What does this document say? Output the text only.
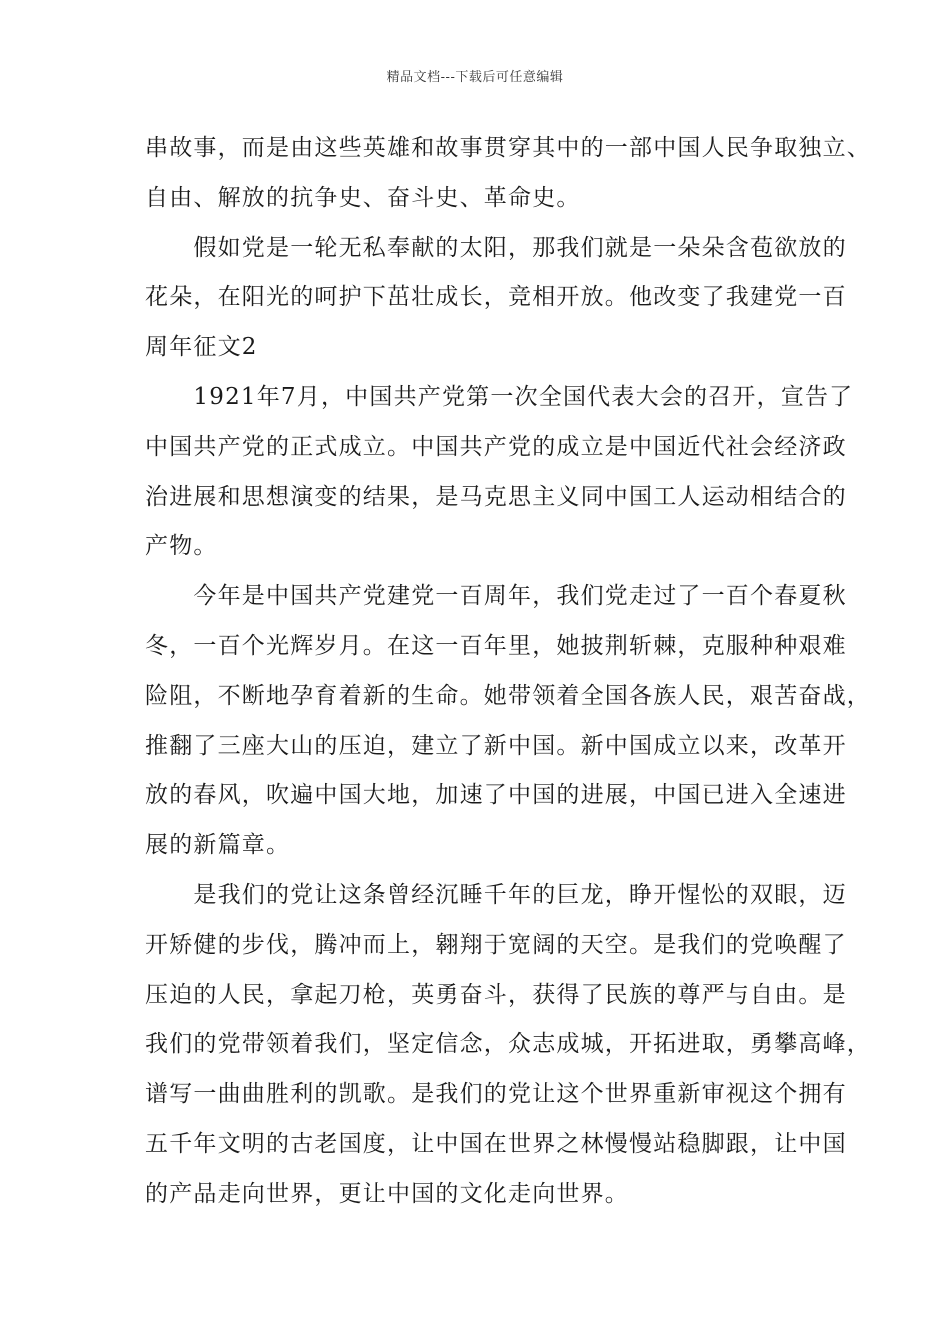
精品文档---下载后可任意编辑
串故事，而是由这些英雄和故事贯穿其中的一部中国人民争取独立、
自由、解放的抗争史、奋斗史、革命史。
　　假如党是一轮无私奉献的太阳，那我们就是一朵朵含苞欲放的
花朵，在阳光的呵护下茁壮成长，竞相开放。他改变了我建党一百
周年征文2
　　1921年7月，中国共产党第一次全国代表大会的召开，宣告了
中国共产党的正式成立。中国共产党的成立是中国近代社会经济政
治进展和思想演变的结果，是马克思主义同中国工人运动相结合的
产物。
　　今年是中国共产党建党一百周年，我们党走过了一百个春夏秋
冬，一百个光辉岁月。在这一百年里，她披荆斩棘，克服种种艰难
险阻，不断地孕育着新的生命。她带领着全国各族人民，艰苦奋战，
推翻了三座大山的压迫，建立了新中国。新中国成立以来，改革开
放的春风，吹遍中国大地，加速了中国的进展，中国已进入全速进
展的新篇章。
　　是我们的党让这条曾经沉睡千年的巨龙，睁开惺忪的双眼，迈
开矫健的步伐，腾冲而上，翱翔于宽阔的天空。是我们的党唤醒了
压迫的人民，拿起刀枪，英勇奋斗，获得了民族的尊严与自由。是
我们的党带领着我们，坚定信念，众志成城，开拓进取，勇攀高峰，
谱写一曲曲胜利的凯歌。是我们的党让这个世界重新审视这个拥有
五千年文明的古老国度，让中国在世界之林慢慢站稳脚跟，让中国
的产品走向世界，更让中国的文化走向世界。
